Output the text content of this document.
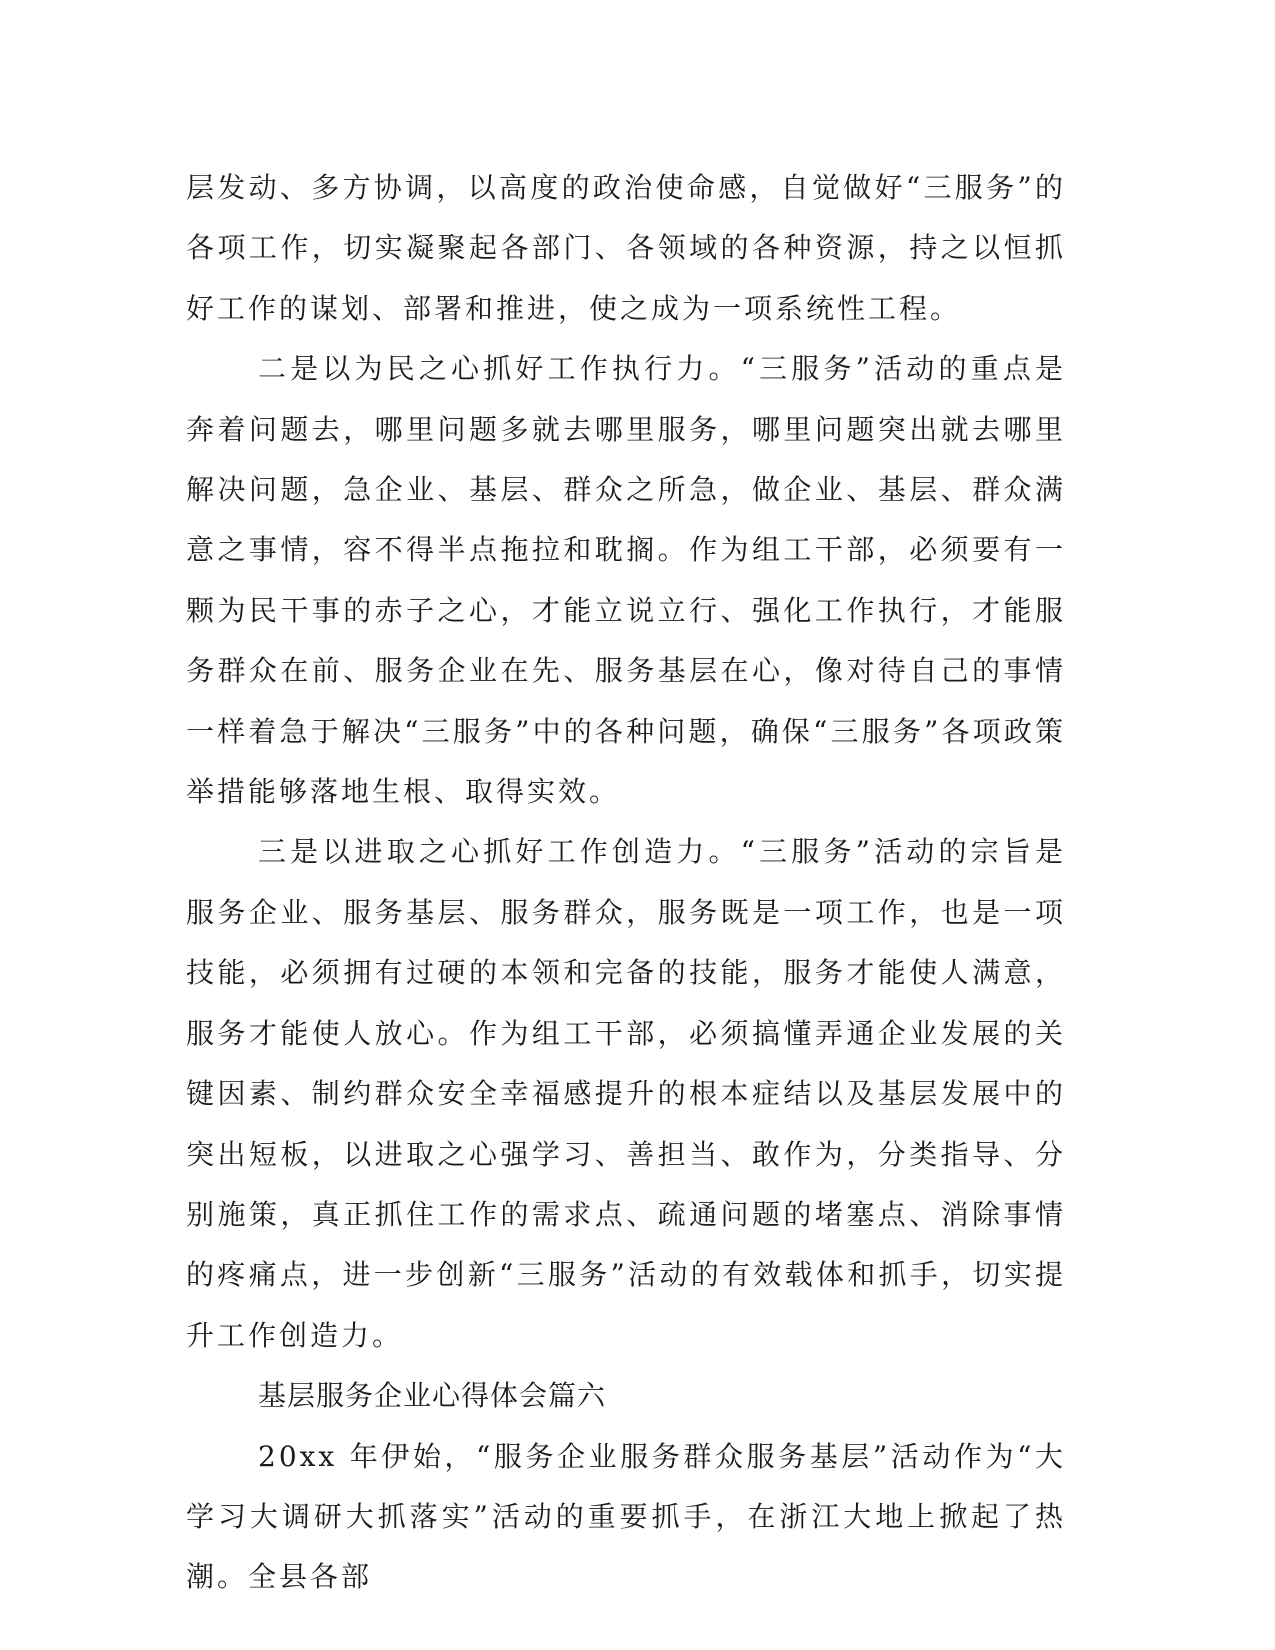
层发动、多方协调，以高度的政治使命感，自觉做好“三服务”的各项工作，切实凝聚起各部门、各领域的各种资源，持之以恒抓好工作的谋划、部署和推进，使之成为一项系统性工程。

二是以为民之心抓好工作执行力。“三服务”活动的重点是奔着问题去，哪里问题多就去哪里服务，哪里问题突出就去哪里解决问题，急企业、基层、群众之所急，做企业、基层、群众满意之事情，容不得半点拖拉和耽搁。作为组工干部，必须要有一颗为民干事的赤子之心，才能立说立行、强化工作执行，才能服务群众在前、服务企业在先、服务基层在心，像对待自己的事情一样着急于解决“三服务”中的各种问题，确保“三服务”各项政策举措能够落地生根、取得实效。

三是以进取之心抓好工作创造力。“三服务”活动的宗旨是服务企业、服务基层、服务群众，服务既是一项工作，也是一项技能，必须拥有过硬的本领和完备的技能，服务才能使人满意，服务才能使人放心。作为组工干部，必须搞懂弄通企业发展的关键因素、制约群众安全幸福感提升的根本症结以及基层发展中的突出短板，以进取之心强学习、善担当、敢作为，分类指导、分别施策，真正抓住工作的需求点、疏通问题的堵塞点、消除事情的疼痛点，进一步创新“三服务”活动的有效载体和抓手，切实提升工作创造力。

基层服务企业心得体会篇六

20xx 年伊始，“服务企业服务群众服务基层”活动作为“大学习大调研大抓落实”活动的重要抓手，在浙江大地上掀起了热潮。全县各部
